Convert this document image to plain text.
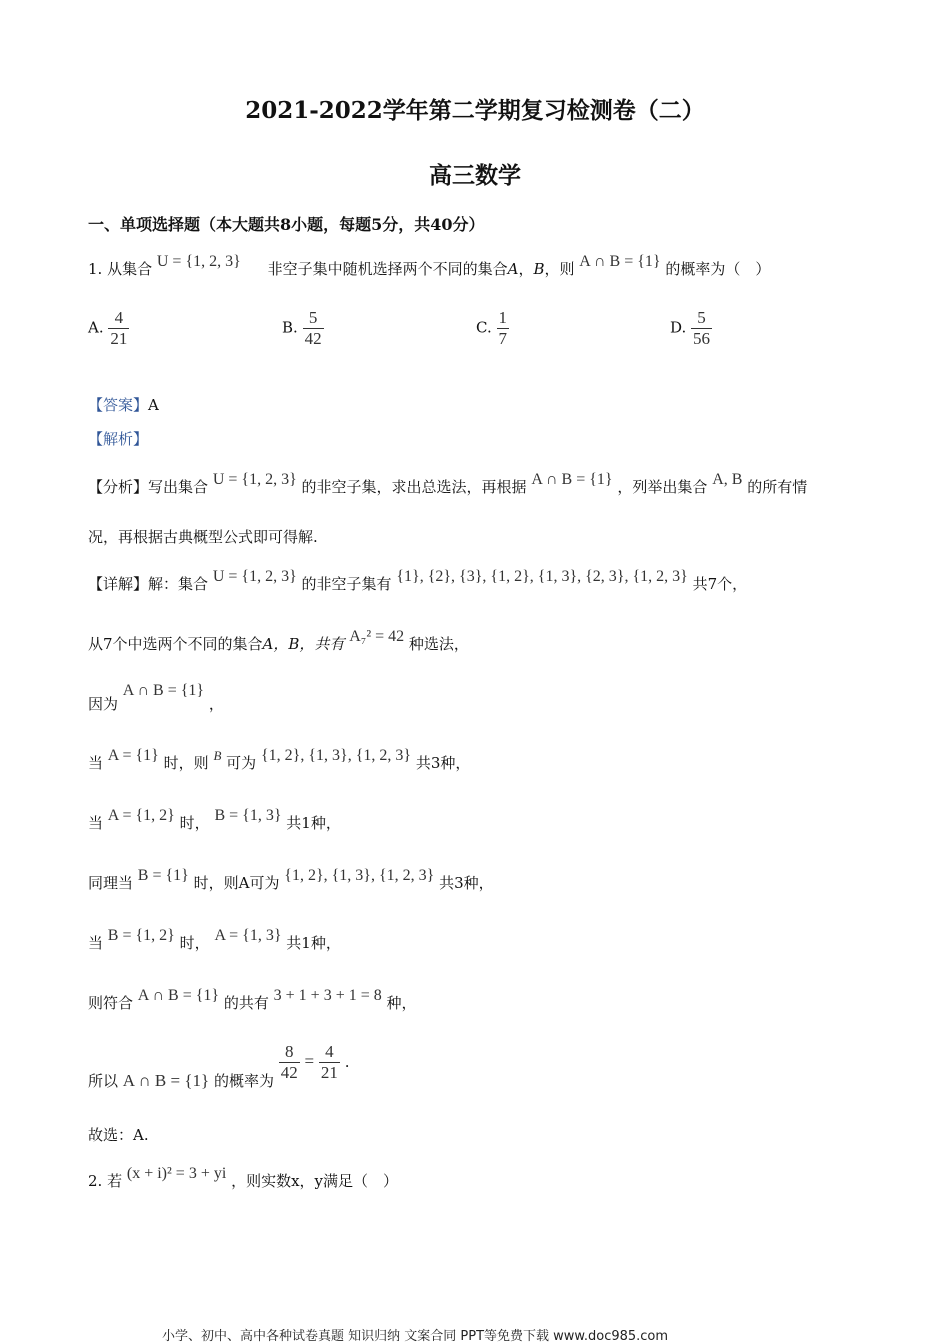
2021-2022学年第二学期复习检测卷（二）
高三数学
一、单项选择题（本大题共8小题，每题5分，共40分）
1. 从集合 U = {1, 2, 3} 非空子集中随机选择两个不同的集合A，B，则 A ∩ B = {1} 的概率为（　）
A. $\frac{4}{21}$	B. $\frac{5}{42}$	C. $\frac{1}{7}$	D. $\frac{5}{56}$
【答案】A
【解析】
【分析】写出集合 U = {1, 2, 3} 的非空子集，求出总选法，再根据 A ∩ B = {1} ，列举出集合 A, B 的所有情
况，再根据古典概型公式即可得解.
【详解】解：集合 U = {1, 2, 3} 的非空子集有 {1}, {2}, {3}, {1, 2}, {1, 3}, {2, 3}, {1, 2, 3} 共7个，
从7个中选两个不同的集合A，B，共有 A₇² = 42 种选法，
因为 A ∩ B = {1} ，
当 A = {1} 时，则 B 可为 {1, 2}, {1, 3}, {1, 2, 3} 共3种，
当 A = {1, 2} 时， B = {1, 3} 共1种，
同理当 B = {1} 时，则A可为 {1, 2}, {1, 3}, {1, 2, 3} 共3种，
当 B = {1, 2} 时， A = {1, 3} 共1种，
则符合 A ∩ B = {1} 的共有 3 + 1 + 3 + 1 = 8 种，
所以 A ∩ B = {1} 的概率为 $\frac{8}{42} = \frac{4}{21}$ .
故选：A.
2. 若 (x + i)² = 3 + yi ，则实数x，y满足（　）
小学、初中、高中各种试卷真题 知识归纳 文案合同 PPT等免费下载 www.doc985.com
